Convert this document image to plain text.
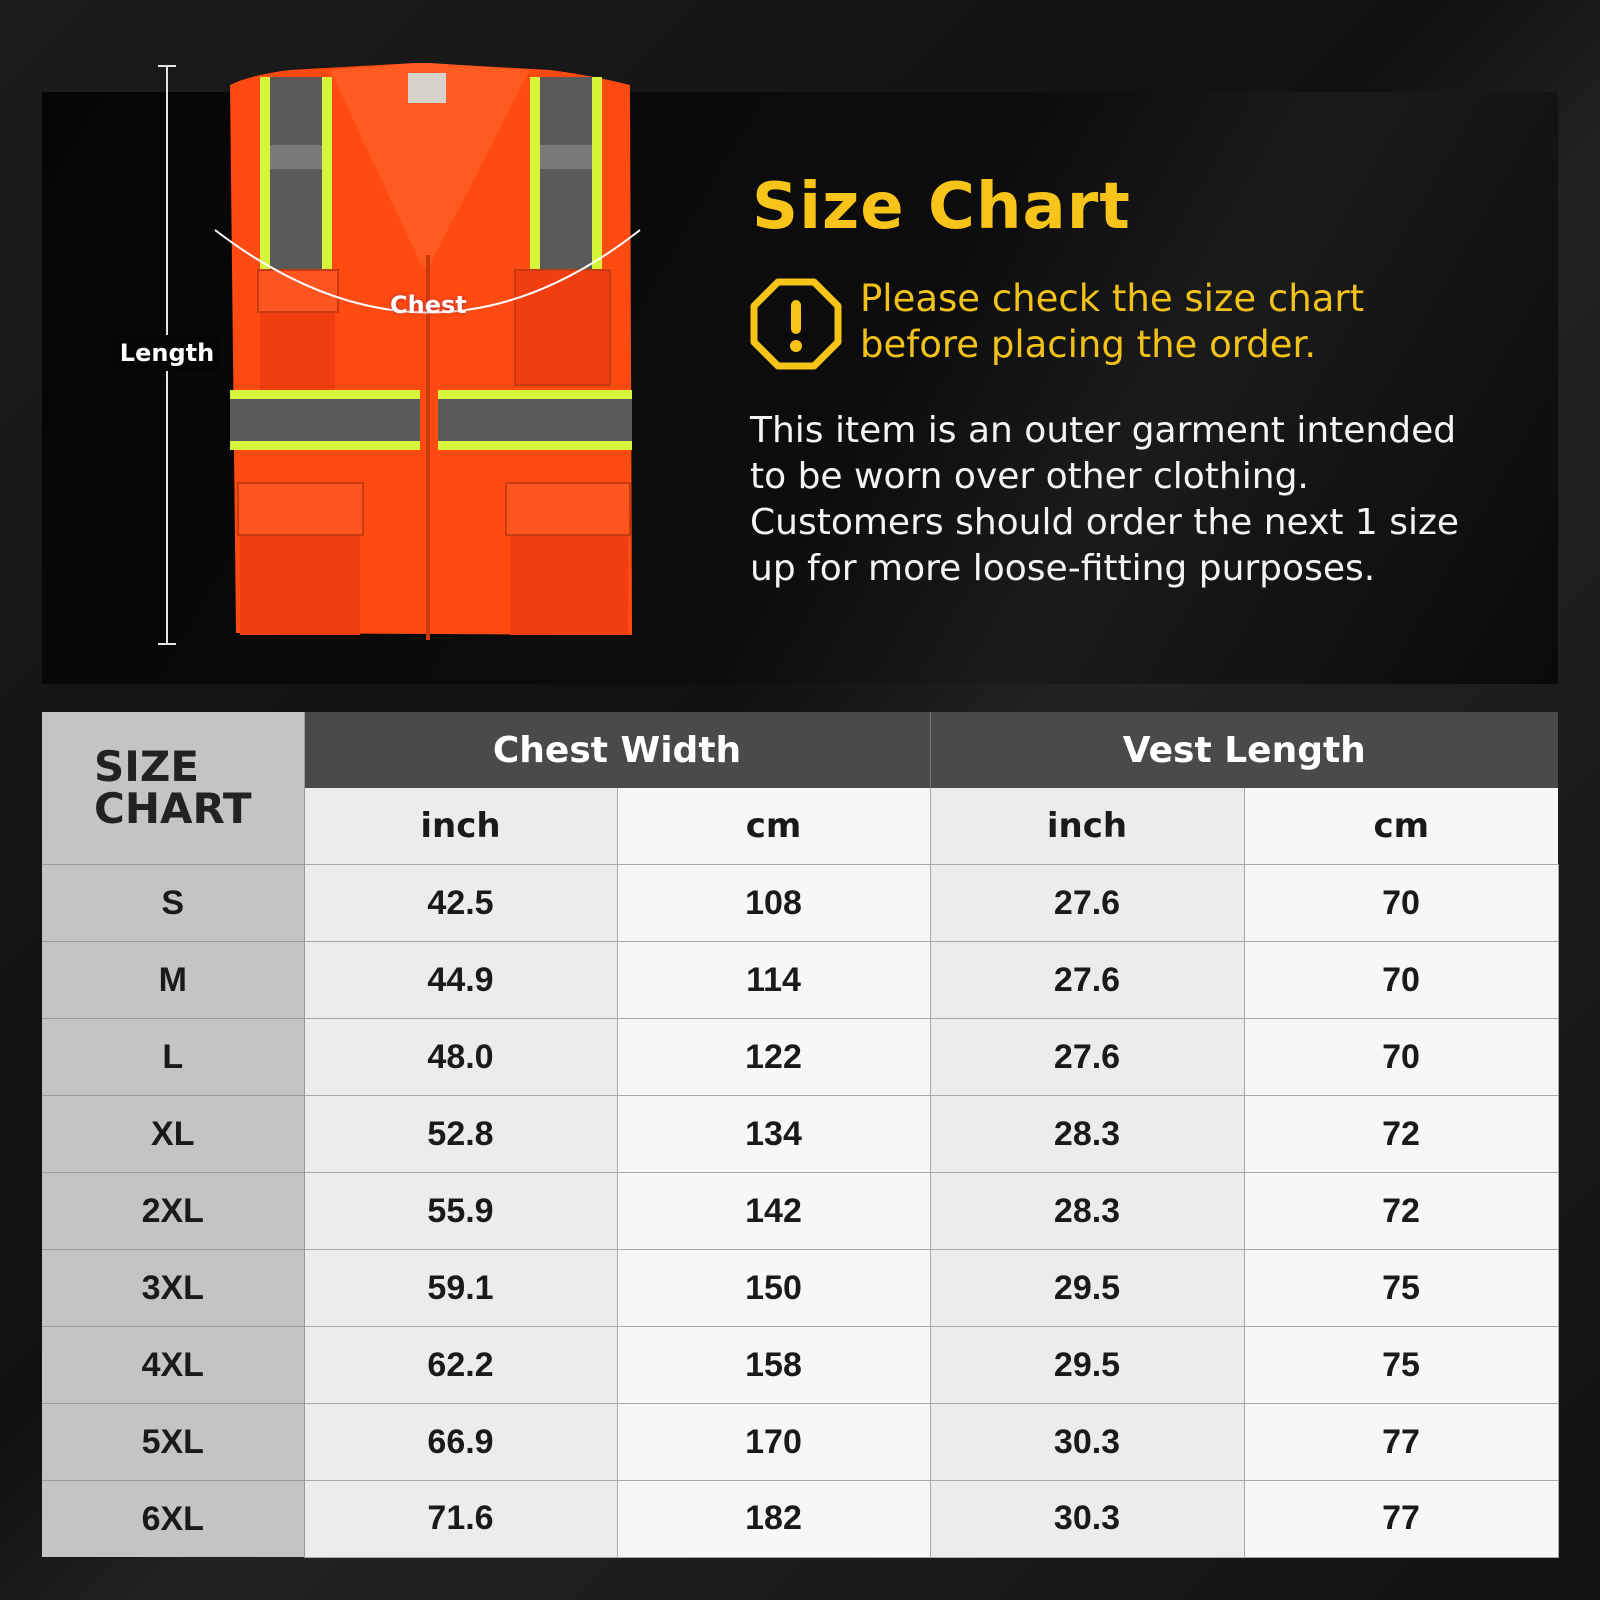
Length
Chest
Size Chart
Please check the size chart
before placing the order.
This item is an outer garment intended
to be worn over other clothing.
Customers should order the next 1 size
up for more loose-fitting purposes.
SIZE
CHART	Chest Width		Vest Length	
	inch	cm	inch	cm
S	42.5	108	27.6	70
M	44.9	114	27.6	70
L	48.0	122	27.6	70
XL	52.8	134	28.3	72
2XL	55.9	142	28.3	72
3XL	59.1	150	29.5	75
4XL	62.2	158	29.5	75
5XL	66.9	170	30.3	77
6XL	71.6	182	30.3	77
